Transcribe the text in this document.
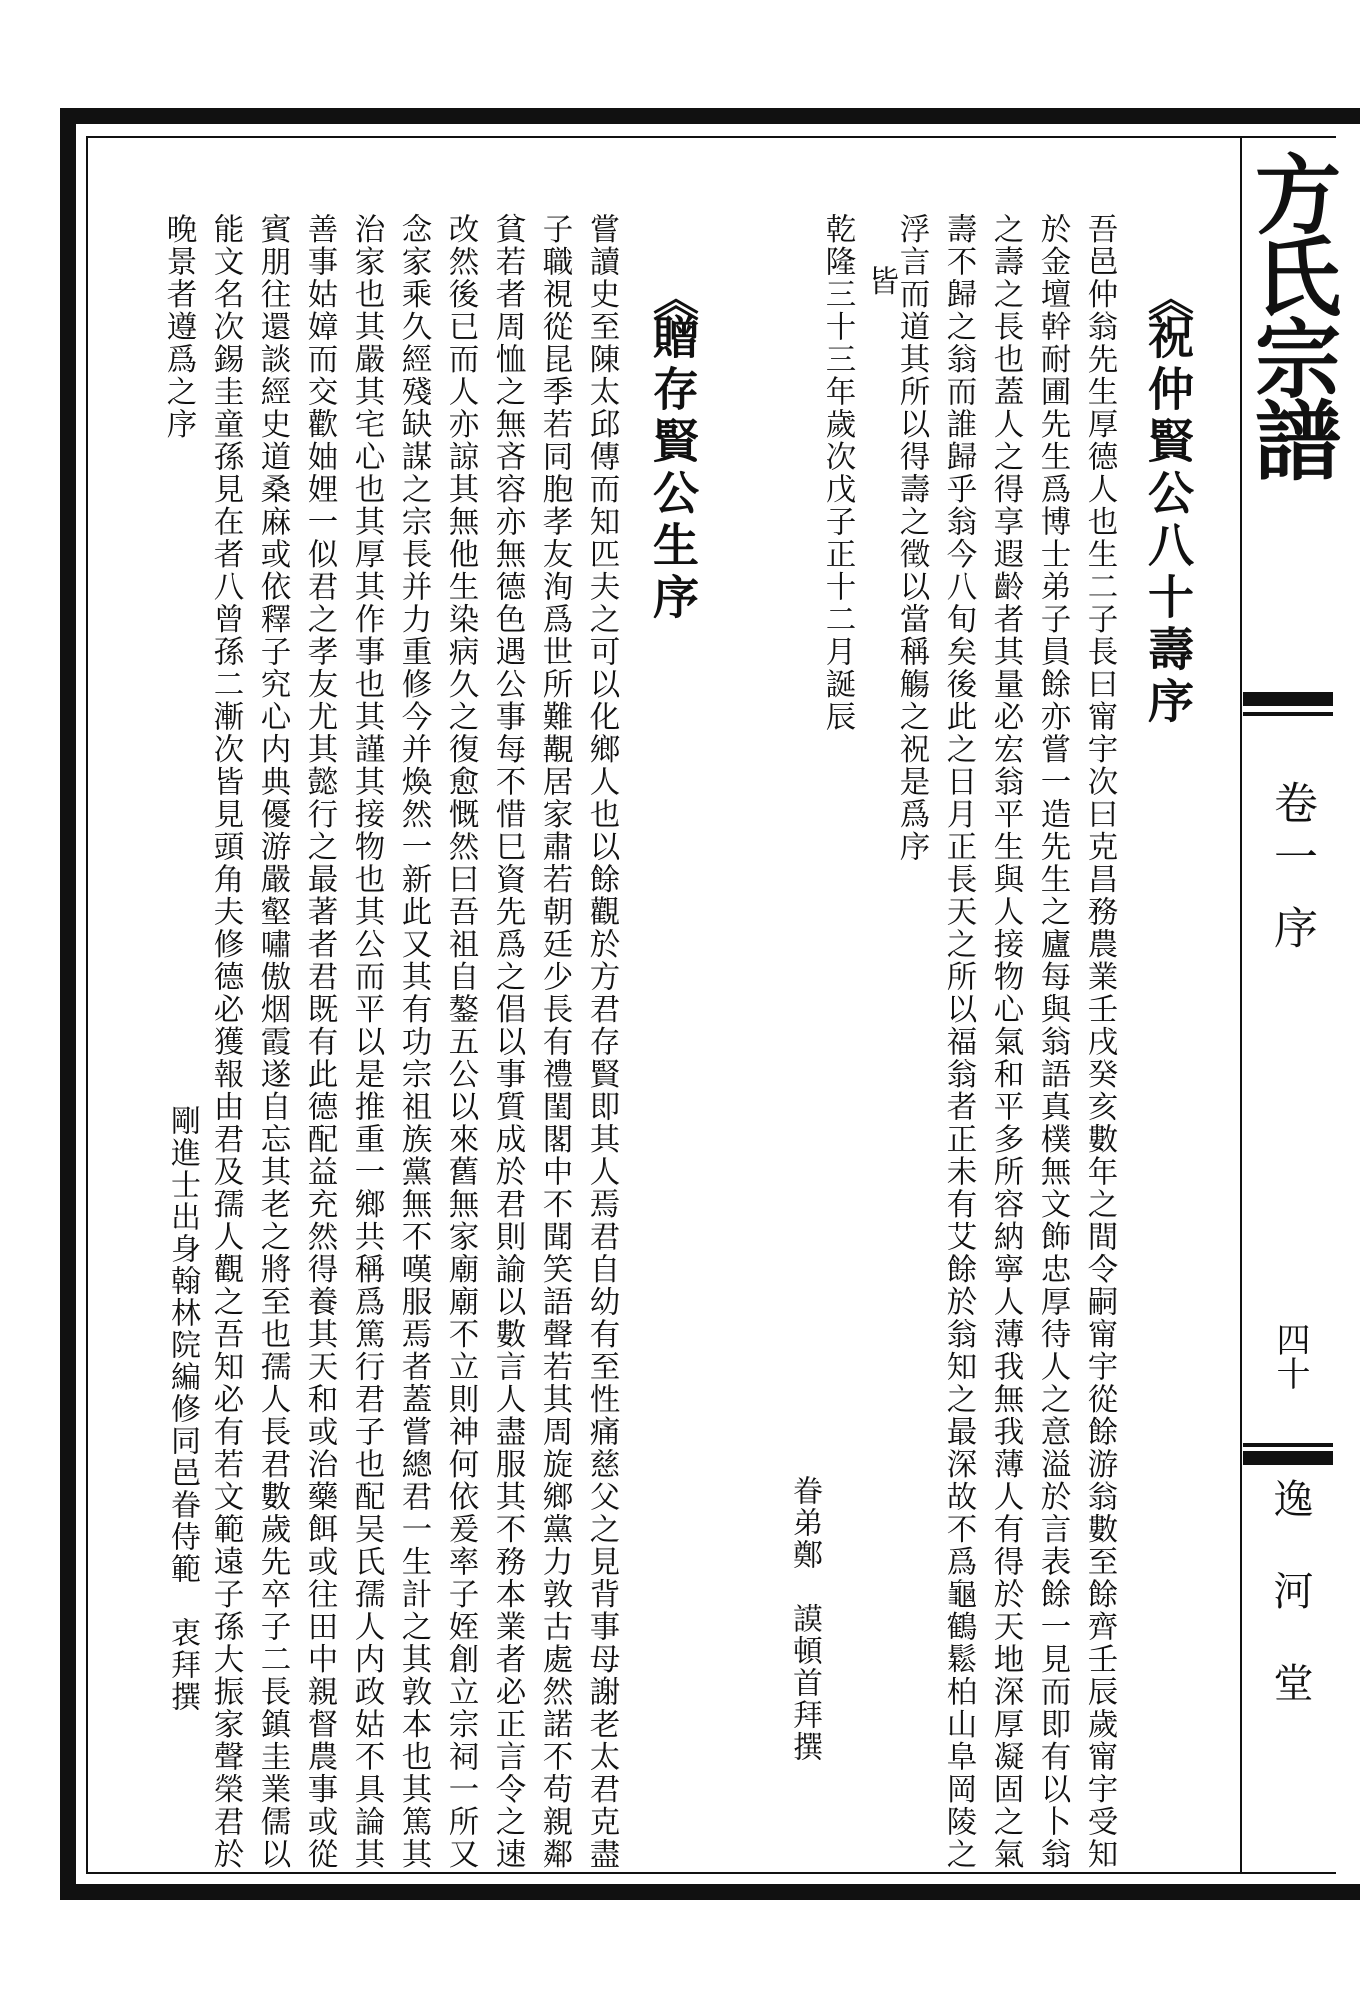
方氏宗譜
卷一
序
四十
逸河堂
《祝仲賢公八十壽序
吾邑仲翁先生厚德人也生二子長曰甯宇次曰克昌務農業壬戌癸亥數年之間令嗣甯宇從餘游翁數至餘齊壬辰歲甯宇受知
於金壇幹耐圃先生爲博士弟子員餘亦嘗一造先生之廬每與翁語真樸無文飾忠厚待人之意溢於言表餘一見而即有以卜翁
之壽之長也蓋人之得享遐齡者其量必宏翁平生與人接物心氣和平多所容納寧人薄我無我薄人有得於天地深厚凝固之氣
壽不歸之翁而誰歸乎翁今八旬矣後此之日月正長天之所以福翁者正未有艾餘於翁知之最深故不爲龜鶴鬆柏山阜岡陵之
浮言而道其所以得壽之徵以當稱觴之祝是爲序
皆
乾隆三十三年歲次戊子正十二月誕辰
眷弟鄭　謨頓首拜撰
《贈存賢公生序
嘗讀史至陳太邱傳而知匹夫之可以化鄉人也以餘觀於方君存賢即其人焉君自幼有至性痛慈父之見背事母謝老太君克盡
子職視從昆季若同胞孝友洵爲世所難覯居家肅若朝廷少長有禮閨閣中不聞笑語聲若其周旋鄉黨力敦古處然諾不苟親鄰
貧若者周恤之無吝容亦無德色遇公事每不惜巳資先爲之倡以事質成於君則諭以數言人盡服其不務本業者必正言令之速
改然後已而人亦諒其無他生染病久之復愈慨然曰吾祖自鏊五公以來舊無家廟廟不立則神何依爰率子姪創立宗祠一所又
念家乘久經殘缺謀之宗長并力重修今并煥然一新此又其有功宗祖族黨無不嘆服焉者蓋嘗總君一生計之其敦本也其篤其
治家也其嚴其宅心也其厚其作事也其謹其接物也其公而平以是推重一鄉共稱爲篤行君子也配吴氏孺人内政姑不具論其
善事姑嫜而交歡妯娌一似君之孝友尤其懿行之最著者君既有此德配益充然得養其天和或治藥餌或往田中親督農事或從
賓朋往還談經史道桑麻或依釋子究心内典優游嚴壑嘯傲烟霞遂自忘其老之將至也孺人長君數歲先卒子二長鎮圭業儒以
能文名次錫圭童孫見在者八曾孫二漸次皆見頭角夫修德必獲報由君及孺人觀之吾知必有若文範遠子孫大振家聲榮君於
晚景者遵爲之序
剛進士出身翰林院編修同邑眷侍範　衷拜撰
